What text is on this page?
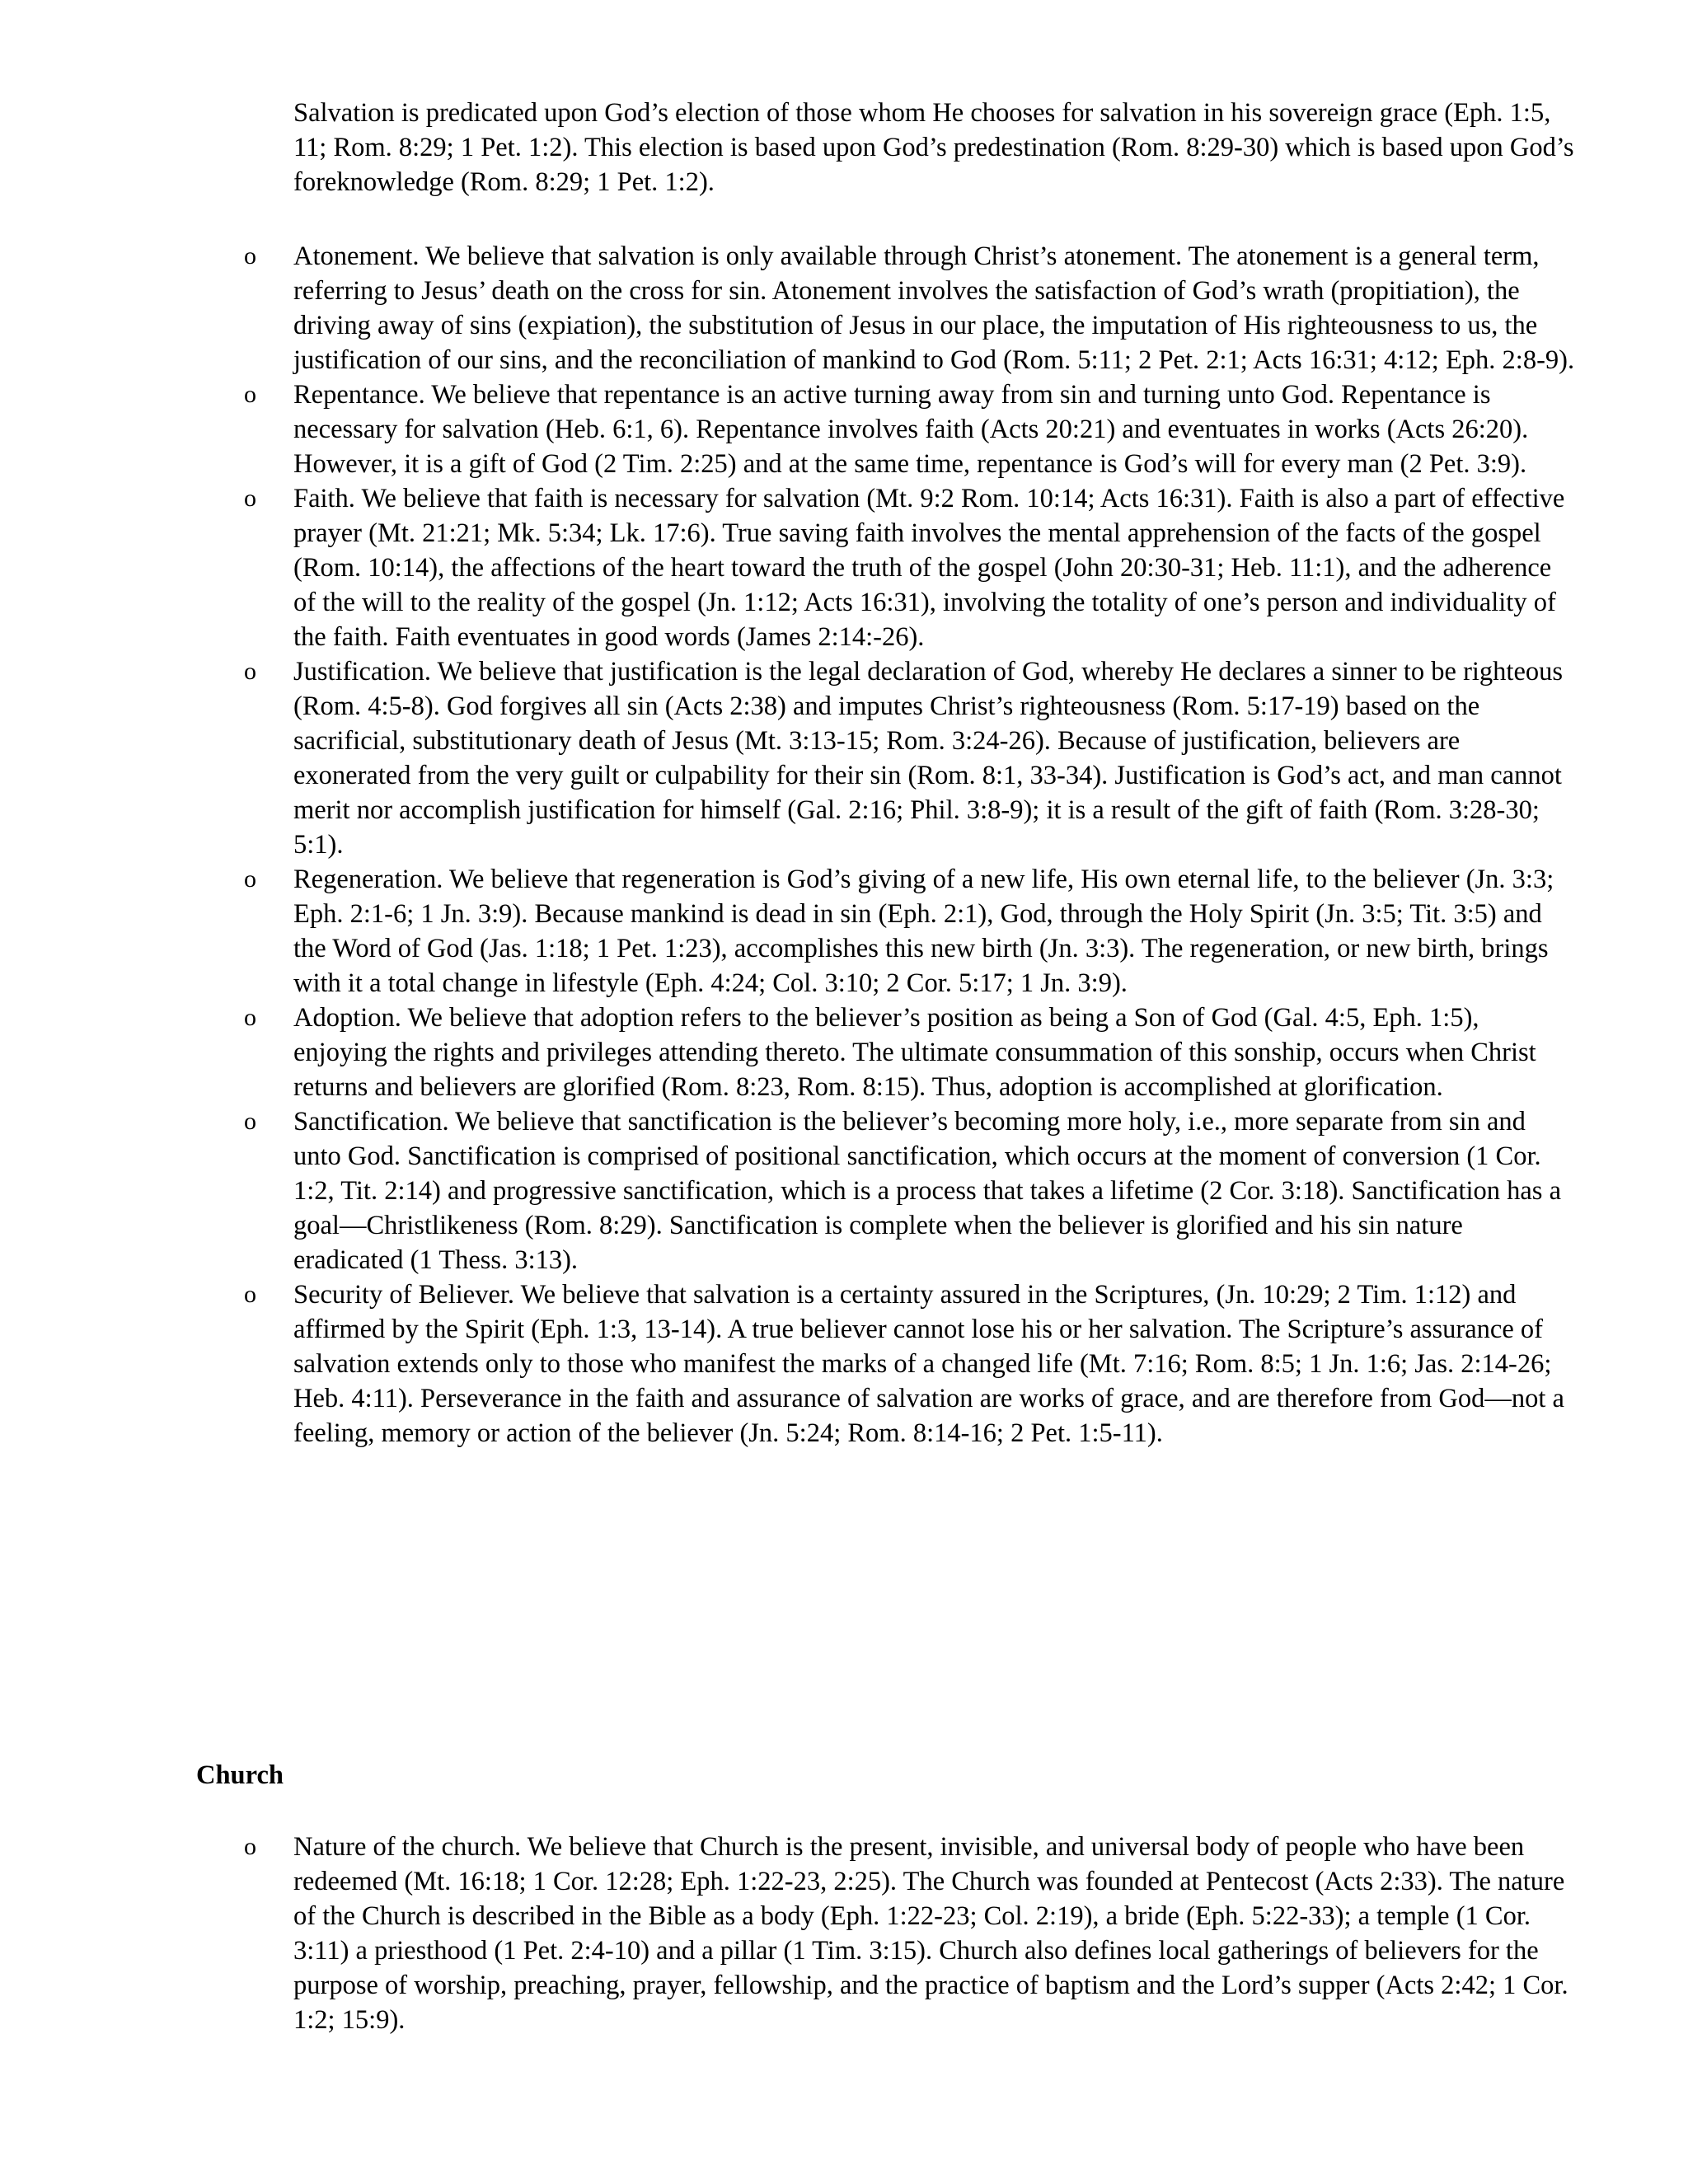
Salvation is predicated upon God’s election of those whom He chooses for salvation in his sovereign grace (Eph. 1:5, 11; Rom. 8:29; 1 Pet. 1:2). This election is based upon God’s predestination (Rom. 8:29-30) which is based upon God’s foreknowledge (Rom. 8:29; 1 Pet. 1:2).

o Atonement. We believe that salvation is only available through Christ’s atonement. The atonement is a general term, referring to Jesus’ death on the cross for sin. Atonement involves the satisfaction of God’s wrath (propitiation), the driving away of sins (expiation), the substitution of Jesus in our place, the imputation of His righteousness to us, the justification of our sins, and the reconciliation of mankind to God (Rom. 5:11; 2 Pet. 2:1; Acts 16:31; 4:12; Eph. 2:8-9).
o Repentance. We believe that repentance is an active turning away from sin and turning unto God. Repentance is necessary for salvation (Heb. 6:1, 6). Repentance involves faith (Acts 20:21) and eventuates in works (Acts 26:20). However, it is a gift of God (2 Tim. 2:25) and at the same time, repentance is God’s will for every man (2 Pet. 3:9).
o Faith. We believe that faith is necessary for salvation (Mt. 9:2 Rom. 10:14; Acts 16:31). Faith is also a part of effective prayer (Mt. 21:21; Mk. 5:34; Lk. 17:6). True saving faith involves the mental apprehension of the facts of the gospel (Rom. 10:14), the affections of the heart toward the truth of the gospel (John 20:30-31; Heb. 11:1), and the adherence of the will to the reality of the gospel (Jn. 1:12; Acts 16:31), involving the totality of one’s person and individuality of the faith. Faith eventuates in good words (James 2:14:-26).
o Justification. We believe that justification is the legal declaration of God, whereby He declares a sinner to be righteous (Rom. 4:5-8). God forgives all sin (Acts 2:38) and imputes Christ’s righteousness (Rom. 5:17-19) based on the sacrificial, substitutionary death of Jesus (Mt. 3:13-15; Rom. 3:24-26). Because of justification, believers are exonerated from the very guilt or culpability for their sin (Rom. 8:1, 33-34). Justification is God’s act, and man cannot merit nor accomplish justification for himself (Gal. 2:16; Phil. 3:8-9); it is a result of the gift of faith (Rom. 3:28-30; 5:1).
o Regeneration. We believe that regeneration is God’s giving of a new life, His own eternal life, to the believer (Jn. 3:3; Eph. 2:1-6; 1 Jn. 3:9). Because mankind is dead in sin (Eph. 2:1), God, through the Holy Spirit (Jn. 3:5; Tit. 3:5) and the Word of God (Jas. 1:18; 1 Pet. 1:23), accomplishes this new birth (Jn. 3:3). The regeneration, or new birth, brings with it a total change in lifestyle (Eph. 4:24; Col. 3:10; 2 Cor. 5:17; 1 Jn. 3:9).
o Adoption. We believe that adoption refers to the believer’s position as being a Son of God (Gal. 4:5, Eph. 1:5), enjoying the rights and privileges attending thereto. The ultimate consummation of this sonship, occurs when Christ returns and believers are glorified (Rom. 8:23, Rom. 8:15). Thus, adoption is accomplished at glorification.
o Sanctification. We believe that sanctification is the believer’s becoming more holy, i.e., more separate from sin and unto God. Sanctification is comprised of positional sanctification, which occurs at the moment of conversion (1 Cor. 1:2, Tit. 2:14) and progressive sanctification, which is a process that takes a lifetime (2 Cor. 3:18). Sanctification has a goal—Christlikeness (Rom. 8:29). Sanctification is complete when the believer is glorified and his sin nature eradicated (1 Thess. 3:13).
o Security of Believer. We believe that salvation is a certainty assured in the Scriptures, (Jn. 10:29; 2 Tim. 1:12) and affirmed by the Spirit (Eph. 1:3, 13-14). A true believer cannot lose his or her salvation. The Scripture’s assurance of salvation extends only to those who manifest the marks of a changed life (Mt. 7:16; Rom. 8:5; 1 Jn. 1:6; Jas. 2:14-26; Heb. 4:11). Perseverance in the faith and assurance of salvation are works of grace, and are therefore from God—not a feeling, memory or action of the believer (Jn. 5:24; Rom. 8:14-16; 2 Pet. 1:5-11).
Church
o Nature of the church. We believe that Church is the present, invisible, and universal body of people who have been redeemed (Mt. 16:18; 1 Cor. 12:28; Eph. 1:22-23, 2:25). The Church was founded at Pentecost (Acts 2:33). The nature of the Church is described in the Bible as a body (Eph. 1:22-23; Col. 2:19), a bride (Eph. 5:22-33); a temple (1 Cor. 3:11) a priesthood (1 Pet. 2:4-10) and a pillar (1 Tim. 3:15). Church also defines local gatherings of believers for the purpose of worship, preaching, prayer, fellowship, and the practice of baptism and the Lord’s supper (Acts 2:42; 1 Cor. 1:2; 15:9).
